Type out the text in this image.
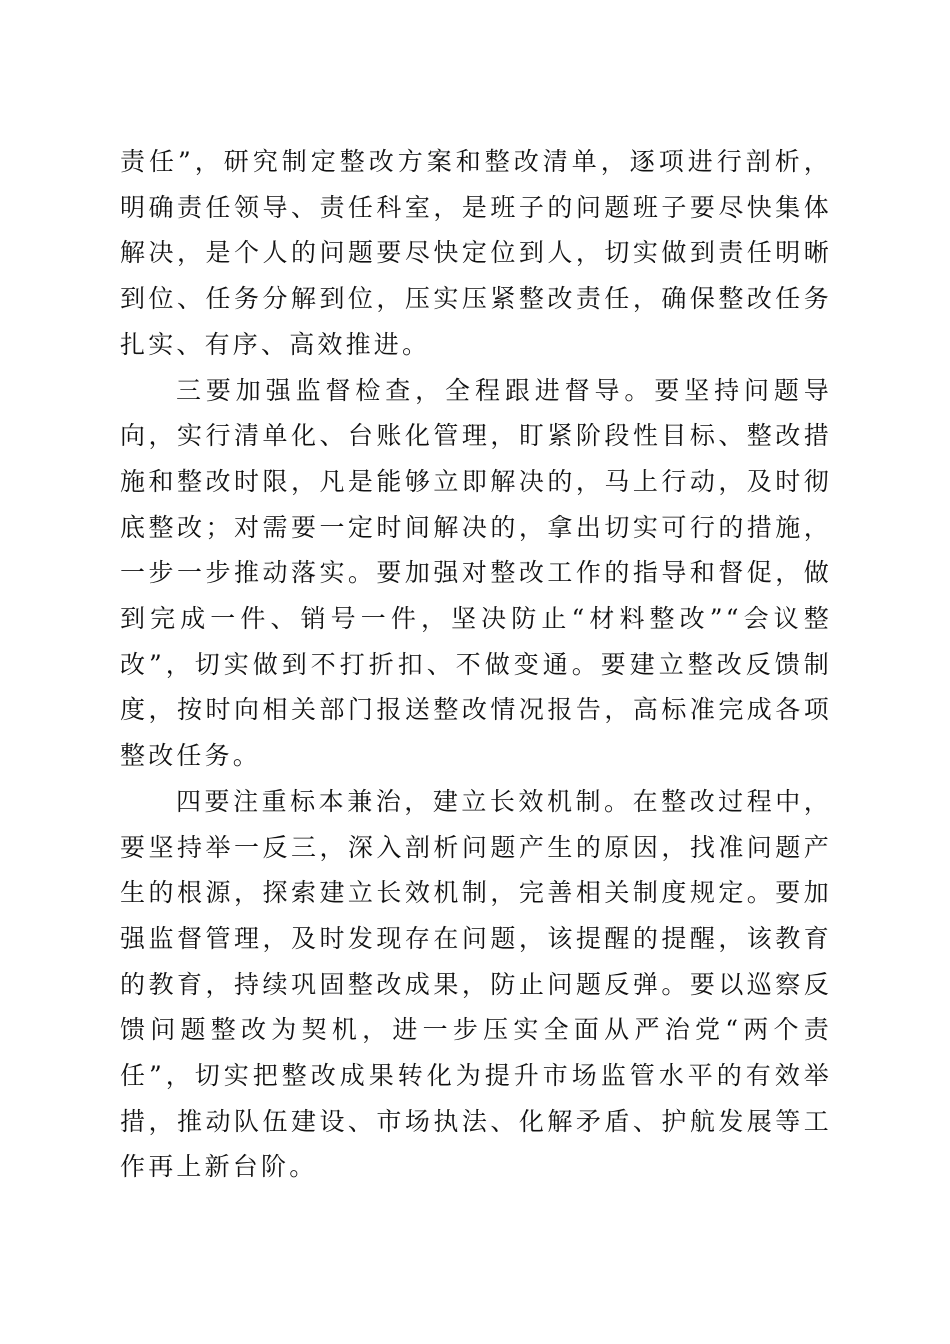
责任”，研究制定整改方案和整改清单，逐项进行剖析，明确责任领导、责任科室，是班子的问题班子要尽快集体解决，是个人的问题要尽快定位到人，切实做到责任明晰到位、任务分解到位，压实压紧整改责任，确保整改任务扎实、有序、高效推进。

三要加强监督检查，全程跟进督导。要坚持问题导向，实行清单化、台账化管理，盯紧阶段性目标、整改措施和整改时限，凡是能够立即解决的，马上行动，及时彻底整改；对需要一定时间解决的，拿出切实可行的措施，一步一步推动落实。要加强对整改工作的指导和督促，做到完成一件、销号一件，坚决防止“材料整改”“会议整改”，切实做到不打折扣、不做变通。要建立整改反馈制度，按时向相关部门报送整改情况报告，高标准完成各项整改任务。

四要注重标本兼治，建立长效机制。在整改过程中，要坚持举一反三，深入剖析问题产生的原因，找准问题产生的根源，探索建立长效机制，完善相关制度规定。要加强监督管理，及时发现存在问题，该提醒的提醒，该教育的教育，持续巩固整改成果，防止问题反弹。要以巡察反馈问题整改为契机，进一步压实全面从严治党“两个责任”，切实把整改成果转化为提升市场监管水平的有效举措，推动队伍建设、市场执法、化解矛盾、护航发展等工作再上新台阶。
